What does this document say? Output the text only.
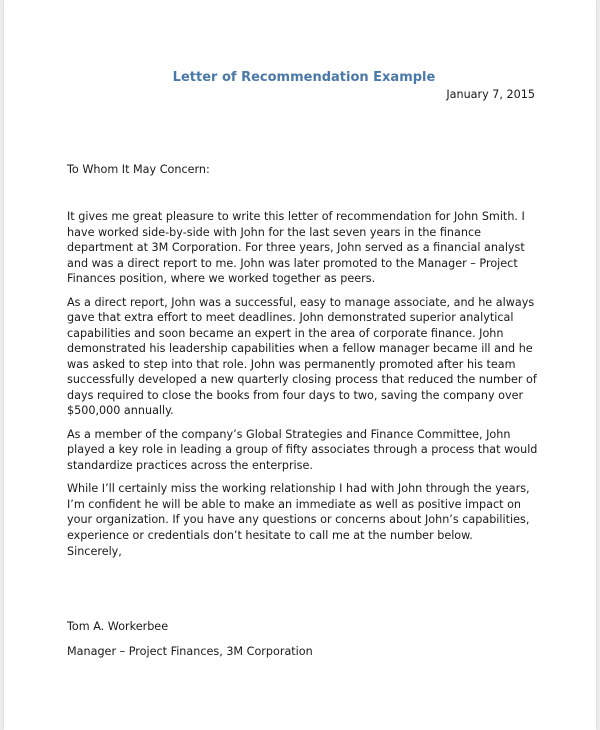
Letter of Recommendation Example
January 7, 2015
To Whom It May Concern:

It gives me great pleasure to write this letter of recommendation for John Smith. I
have worked side-by-side with John for the last seven years in the finance
department at 3M Corporation. For three years, John served as a financial analyst
and was a direct report to me. John was later promoted to the Manager – Project
Finances position, where we worked together as peers.

As a direct report, John was a successful, easy to manage associate, and he always
gave that extra effort to meet deadlines. John demonstrated superior analytical
capabilities and soon became an expert in the area of corporate finance. John
demonstrated his leadership capabilities when a fellow manager became ill and he
was asked to step into that role. John was permanently promoted after his team
successfully developed a new quarterly closing process that reduced the number of
days required to close the books from four days to two, saving the company over
$500,000 annually.

As a member of the company’s Global Strategies and Finance Committee, John
played a key role in leading a group of fifty associates through a process that would
standardize practices across the enterprise.

While I’ll certainly miss the working relationship I had with John through the years,
I’m confident he will be able to make an immediate as well as positive impact on
your organization. If you have any questions or concerns about John’s capabilities,
experience or credentials don’t hesitate to call me at the number below.

Sincerely,
Tom A. Workerbee
Manager – Project Finances, 3M Corporation
